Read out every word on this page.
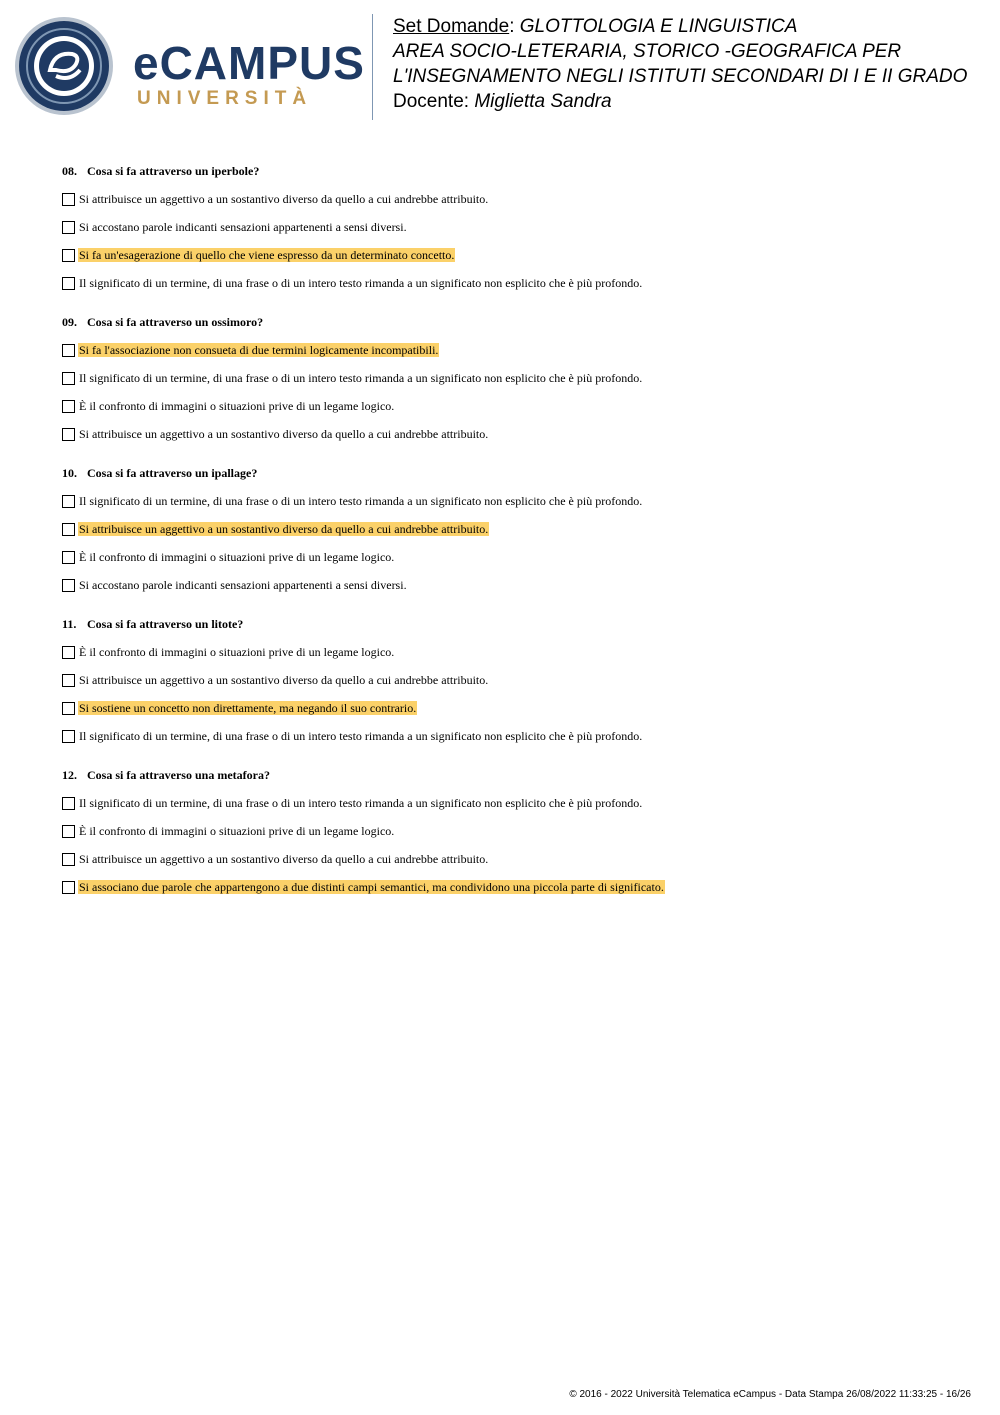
eCAMPUS
UNIVERSITÀ
Set Domande: GLOTTOLOGIA E LINGUISTICA
AREA SOCIO-LETERARIA, STORICO -GEOGRAFICA PER
L'INSEGNAMENTO NEGLI ISTITUTI SECONDARI DI I E II GRADO
Docente: Miglietta Sandra
08. Cosa si fa attraverso un iperbole?
Si attribuisce un aggettivo a un sostantivo diverso da quello a cui andrebbe attribuito.
Si accostano parole indicanti sensazioni appartenenti a sensi diversi.
Si fa un'esagerazione di quello che viene espresso da un determinato concetto.
Il significato di un termine, di una frase o di un intero testo rimanda a un significato non esplicito che è più profondo.
09. Cosa si fa attraverso un ossimoro?
Si fa l'associazione non consueta di due termini logicamente incompatibili.
Il significato di un termine, di una frase o di un intero testo rimanda a un significato non esplicito che è più profondo.
È il confronto di immagini o situazioni prive di un legame logico.
Si attribuisce un aggettivo a un sostantivo diverso da quello a cui andrebbe attribuito.
10. Cosa si fa attraverso un ipallage?
Il significato di un termine, di una frase o di un intero testo rimanda a un significato non esplicito che è più profondo.
Si attribuisce un aggettivo a un sostantivo diverso da quello a cui andrebbe attribuito.
È il confronto di immagini o situazioni prive di un legame logico.
Si accostano parole indicanti sensazioni appartenenti a sensi diversi.
11. Cosa si fa attraverso un litote?
È il confronto di immagini o situazioni prive di un legame logico.
Si attribuisce un aggettivo a un sostantivo diverso da quello a cui andrebbe attribuito.
Si sostiene un concetto non direttamente, ma negando il suo contrario.
Il significato di un termine, di una frase o di un intero testo rimanda a un significato non esplicito che è più profondo.
12. Cosa si fa attraverso una metafora?
Il significato di un termine, di una frase o di un intero testo rimanda a un significato non esplicito che è più profondo.
È il confronto di immagini o situazioni prive di un legame logico.
Si attribuisce un aggettivo a un sostantivo diverso da quello a cui andrebbe attribuito.
Si associano due parole che appartengono a due distinti campi semantici, ma condividono una piccola parte di significato.
© 2016 - 2022 Università Telematica eCampus - Data Stampa 26/08/2022 11:33:25 - 16/26
